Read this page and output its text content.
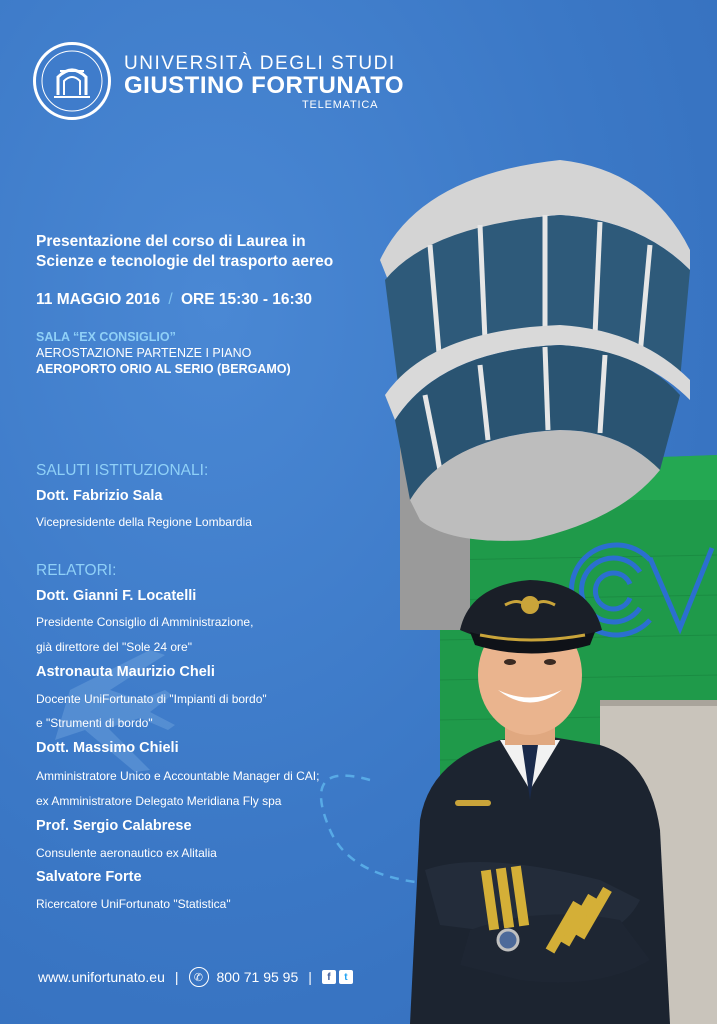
UNIVERSITÀ DEGLI STUDI
GIUSTINO FORTUNATO
TELEMATICA
Presentazione del corso di Laurea in
Scienze e tecnologie del trasporto aereo
11 MAGGIO 2016 / ORE 15:30 - 16:30
SALA “EX CONSIGLIO”
AEROSTAZIONE PARTENZE I PIANO
AEROPORTO ORIO AL SERIO (BERGAMO)
SALUTI ISTITUZIONALI:
Dott. Fabrizio Sala
Vicepresidente della Regione Lombardia
RELATORI:
Dott. Gianni F. Locatelli
Presidente Consiglio di Amministrazione,
già direttore del "Sole 24 ore"
Astronauta Maurizio Cheli
Docente UniFortunato di "Impianti di bordo"
e "Strumenti di bordo"
Dott. Massimo Chieli
Amministratore Unico e Accountable Manager di CAI;
ex Amministratore Delegato Meridiana Fly spa
Prof. Sergio Calabrese
Consulente aeronautico ex Alitalia
Salvatore Forte
Ricercatore UniFortunato "Statistica"
www.unifortunato.eu |	✆ 800 71 95 95 |	f	t
